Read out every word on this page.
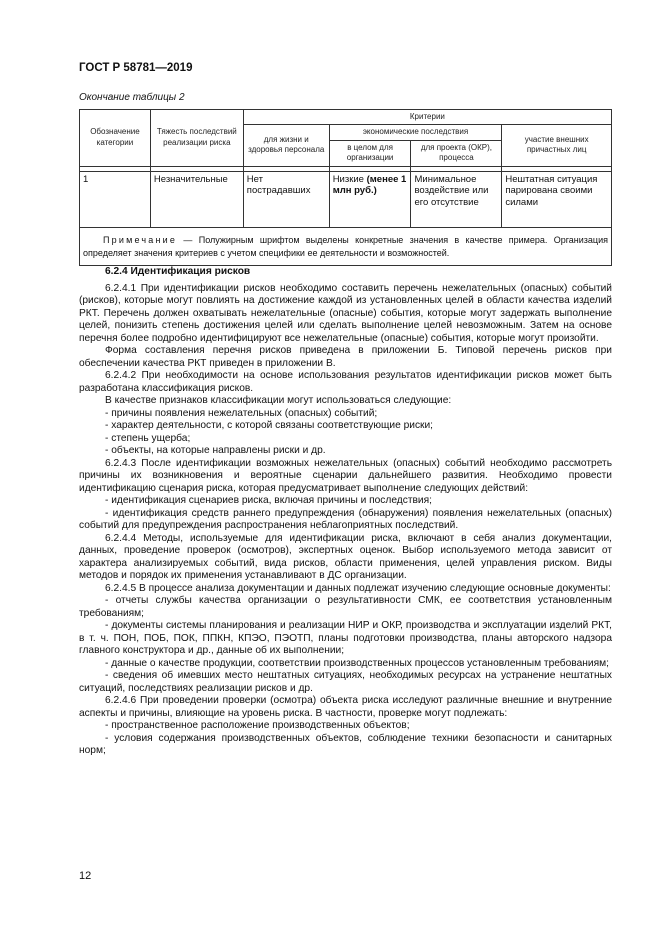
ГОСТ Р 58781—2019
Окончание таблицы 2
Обозначение категории	Тяжесть последствий реализации риска	Критерии			
		для жизни и здоровья персонала	экономические последствия		участие внешних причастных лиц
			в целом для организации	для проекта (ОКР), процесса	

1	Незначительные	Нет пострадавших	Низкие (менее 1 млн руб.)	Минимальное воздействие или его отсутствие	Нештатная ситуация парирована своими силами
Примечание — Полужирным шрифтом выделены конкретные значения в качестве примера. Организация определяет значения критериев с учетом специфики ее деятельности и возможностей.					

6.2.4 Идентификация рисков

6.2.4.1 При идентификации рисков необходимо составить перечень нежелательных (опасных) событий (рисков), которые могут повлиять на достижение каждой из установленных целей в области качества изделий РКТ. Перечень должен охватывать нежелательные (опасные) события, которые могут задержать выполнение целей, понизить степень достижения целей или сделать выполнение целей невозможным. Затем на основе перечня более подробно идентифицируют все нежелательные (опасные) события, которые могут произойти.

Форма составления перечня рисков приведена в приложении Б. Типовой перечень рисков при обеспечении качества РКТ приведен в приложении В.

6.2.4.2 При необходимости на основе использования результатов идентификации рисков может быть разработана классификация рисков.

В качестве признаков классификации могут использоваться следующие:

- причины появления нежелательных (опасных) событий;

- характер деятельности, с которой связаны соответствующие риски;

- степень ущерба;

- объекты, на которые направлены риски и др.

6.2.4.3 После идентификации возможных нежелательных (опасных) событий необходимо рассмотреть причины их возникновения и вероятные сценарии дальнейшего развития. Необходимо провести идентификацию сценария риска, которая предусматривает выполнение следующих действий:

- идентификация сценариев риска, включая причины и последствия;

- идентификация средств раннего предупреждения (обнаружения) появления нежелательных (опасных) событий для предупреждения распространения неблагоприятных последствий.

6.2.4.4 Методы, используемые для идентификации риска, включают в себя анализ документации, данных, проведение проверок (осмотров), экспертных оценок. Выбор используемого метода зависит от характера анализируемых событий, вида рисков, области применения, целей управления риском. Виды методов и порядок их применения устанавливают в ДС организации.

6.2.4.5 В процессе анализа документации и данных подлежат изучению следующие основные документы:

- отчеты службы качества организации о результативности СМК, ее соответствия установленным требованиям;

- документы системы планирования и реализации НИР и ОКР, производства и эксплуатации изделий РКТ, в т. ч. ПОН, ПОБ, ПОК, ППКН, КПЭО, ПЭОТП, планы подготовки производства, планы авторского надзора главного конструктора и др., данные об их выполнении;

- данные о качестве продукции, соответствии производственных процессов установленным требованиям;

- сведения об имевших место нештатных ситуациях, необходимых ресурсах на устранение нештатных ситуаций, последствиях реализации рисков и др.

6.2.4.6 При проведении проверки (осмотра) объекта риска исследуют различные внешние и внутренние аспекты и причины, влияющие на уровень риска. В частности, проверке могут подлежать:

- пространственное расположение производственных объектов;

- условия содержания производственных объектов, соблюдение техники безопасности и санитарных норм;

12
